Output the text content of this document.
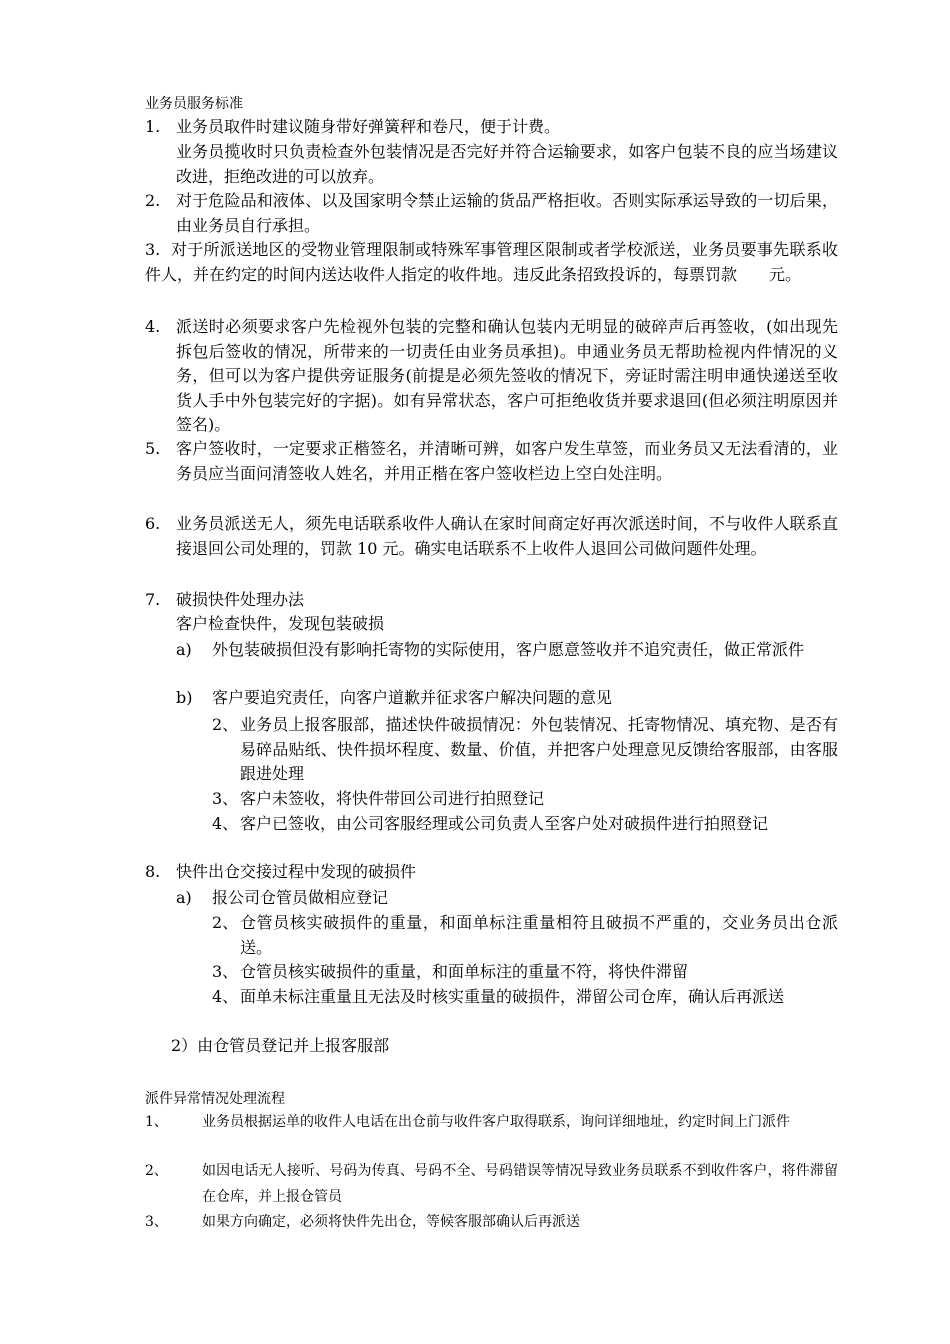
业务员服务标准
1. 业务员取件时建议随身带好弹簧秤和卷尺，便于计费。
业务员揽收时只负责检查外包装情况是否完好并符合运输要求，如客户包装不良的应当场建议改进，拒绝改进的可以放弃。
2. 对于危险品和液体、以及国家明令禁止运输的货品严格拒收。否则实际承运导致的一切后果，由业务员自行承担。
3. 对于所派送地区的受物业管理限制或特殊军事管理区限制或者学校派送，业务员要事先联系收件人，并在约定的时间内送达收件人指定的收件地。违反此条招致投诉的，每票罚款　　元。
4. 派送时必须要求客户先检视外包装的完整和确认包装内无明显的破碎声后再签收，(如出现先拆包后签收的情况，所带来的一切责任由业务员承担)。申通业务员无帮助检视内件情况的义务，但可以为客户提供旁证服务(前提是必须先签收的情况下，旁证时需注明申通快递送至收货人手中外包装完好的字据)。如有异常状态，客户可拒绝收货并要求退回(但必须注明原因并签名)。
5. 客户签收时，一定要求正楷签名，并清晰可辨，如客户发生草签，而业务员又无法看清的，业务员应当面问清签收人姓名，并用正楷在客户签收栏边上空白处注明。
6. 业务员派送无人，须先电话联系收件人确认在家时间商定好再次派送时间，不与收件人联系直接退回公司处理的，罚款 10 元。确实电话联系不上收件人退回公司做问题件处理。
7. 破损快件处理办法
客户检查快件，发现包装破损
a)	外包装破损但没有影响托寄物的实际使用，客户愿意签收并不追究责任，做正常派件
b)	客户要追究责任，向客户道歉并征求客户解决问题的意见
2、 业务员上报客服部，描述快件破损情况：外包装情况、托寄物情况、填充物、是否有易碎品贴纸、快件损坏程度、数量、价值，并把客户处理意见反馈给客服部，由客服跟进处理
3、 客户未签收，将快件带回公司进行拍照登记
4、 客户已签收，由公司客服经理或公司负责人至客户处对破损件进行拍照登记
8. 快件出仓交接过程中发现的破损件
a)	报公司仓管员做相应登记
2、 仓管员核实破损件的重量，和面单标注重量相符且破损不严重的，交业务员出仓派送。
3、 仓管员核实破损件的重量，和面单标注的重量不符，将快件滞留
4、 面单未标注重量且无法及时核实重量的破损件，滞留公司仓库，确认后再派送
2）由仓管员登记并上报客服部
派件异常情况处理流程
1、	业务员根据运单的收件人电话在出仓前与收件客户取得联系，询问详细地址，约定时间上门派件
2、	如因电话无人接听、号码为传真、号码不全、号码错误等情况导致业务员联系不到收件客户，将件滞留在仓库，并上报仓管员
3、	如果方向确定，必须将快件先出仓，等候客服部确认后再派送
